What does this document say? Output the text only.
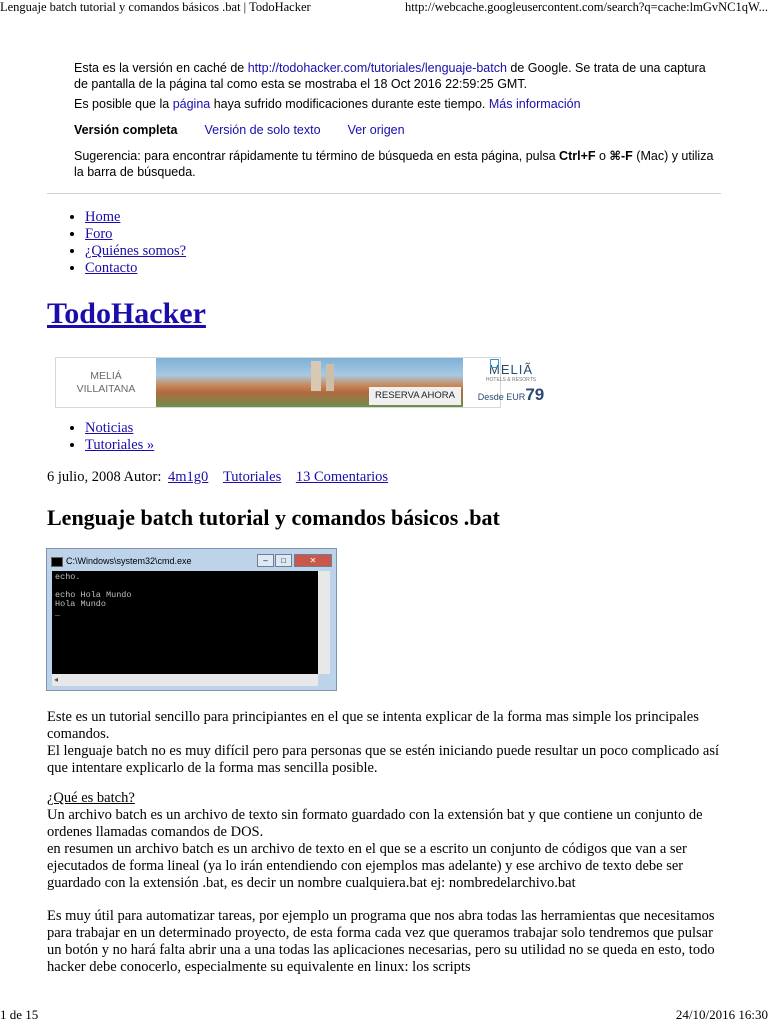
Lenguaje batch tutorial y comandos básicos .bat | TodoHacker	http://webcache.googleusercontent.com/search?q=cache:lmGvNC1qW...

Esta es la versión en caché de http://todohacker.com/tutoriales/lenguaje-batch de Google. Se trata de una captura de pantalla de la página tal como esta se mostraba el 18 Oct 2016 22:59:25 GMT.

Es posible que la página haya sufrido modificaciones durante este tiempo. Más información

Versión completa Versión de solo texto Ver origen

Sugerencia: para encontrar rápidamente tu término de búsqueda en esta página, pulsa Ctrl+F o ⌘-F (Mac) y utiliza la barra de búsqueda.

• Home
• Foro
• ¿Quiénes somos?
• Contacto
TodoHacker
MELIÁ
VILLAITANA
RESERVA AHORA
MELIÃ
HOTELS & RESORTS
Desde EUR79
• Noticias
• Tutoriales »
6 julio, 2008 Autor: 4m1g0 Tutoriales 13 Comentarios
Lenguaje batch tutorial y comandos básicos .bat
C:\Windows\system32\cmd.exe	–	□	✕
echo.

echo Hola Mundo
Hola Mundo
_
◂

Este es un tutorial sencillo para principiantes en el que se intenta explicar de la forma mas simple los principales comandos.

El lenguaje batch no es muy difícil pero para personas que se estén iniciando puede resultar un poco complicado así que intentare explicarlo de la forma mas sencilla posible.

¿Qué es batch?

Un archivo batch es un archivo de texto sin formato guardado con la extensión bat y que contiene un conjunto de ordenes llamadas comandos de DOS.

en resumen un archivo batch es un archivo de texto en el que se a escrito un conjunto de códigos que van a ser ejecutados de forma lineal (ya lo irán entendiendo con ejemplos mas adelante) y ese archivo de texto debe ser guardado con la extensión .bat, es decir un nombre cualquiera.bat ej: nombredelarchivo.bat

Es muy útil para automatizar tareas, por ejemplo un programa que nos abra todas las herramientas que necesitamos para trabajar en un determinado proyecto, de esta forma cada vez que queramos trabajar solo tendremos que pulsar un botón y no hará falta abrir una a una todas las aplicaciones necesarias, pero su utilidad no se queda en esto, todo hacker debe conocerlo, especialmente su equivalente en linux: los scripts

1 de 15	24/10/2016 16:30
